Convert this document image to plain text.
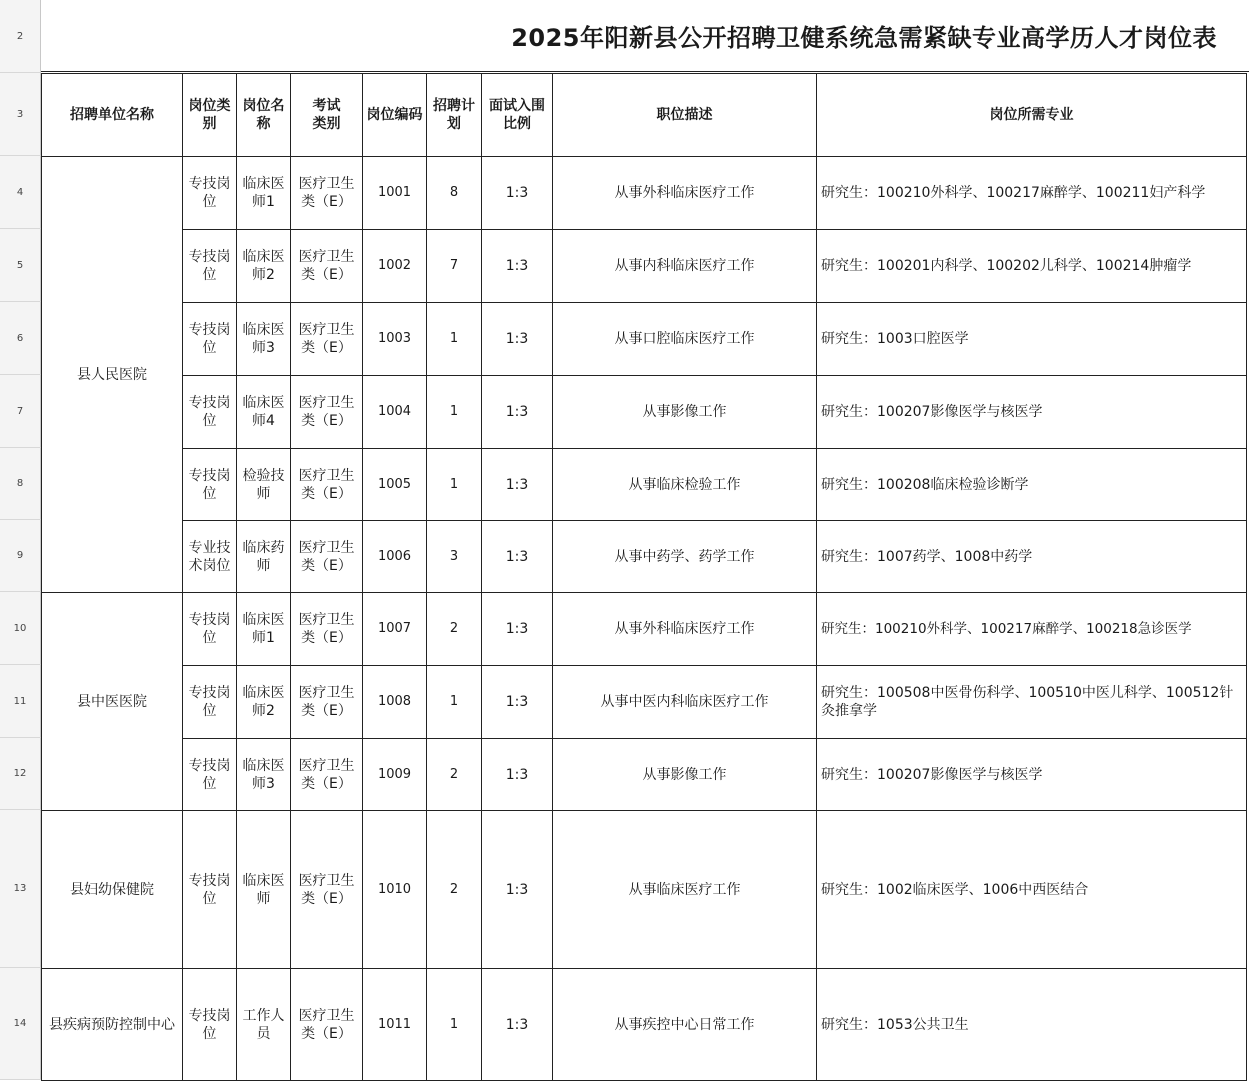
2
3
4
5
6
7
8
9
10
11
12
13
14
2025年阳新县公开招聘卫健系统急需紧缺专业高学历人才岗位表
招聘单位名称	岗位类别	岗位名称	考试类别	岗位编码	招聘计划	面试入围比例	职位描述	岗位所需专业
县人民医院	专技岗位	临床医师1	医疗卫生类（E）	1001	8	1:3	从事外科临床医疗工作	研究生：100210外科学、100217麻醉学、100211妇产科学
	专技岗位	临床医师2	医疗卫生类（E）	1002	7	1:3	从事内科临床医疗工作	研究生：100201内科学、100202儿科学、100214肿瘤学
	专技岗位	临床医师3	医疗卫生类（E）	1003	1	1:3	从事口腔临床医疗工作	研究生：1003口腔医学
	专技岗位	临床医师4	医疗卫生类（E）	1004	1	1:3	从事影像工作	研究生：100207影像医学与核医学
	专技岗位	检验技师	医疗卫生类（E）	1005	1	1:3	从事临床检验工作	研究生：100208临床检验诊断学
	专业技术岗位	临床药师	医疗卫生类（E）	1006	3	1:3	从事中药学、药学工作	研究生：1007药学、1008中药学
县中医医院	专技岗位	临床医师1	医疗卫生类（E）	1007	2	1:3	从事外科临床医疗工作	研究生：100210外科学、100217麻醉学、100218急诊医学
	专技岗位	临床医师2	医疗卫生类（E）	1008	1	1:3	从事中医内科临床医疗工作	研究生：100508中医骨伤科学、100510中医儿科学、100512针灸推拿学
	专技岗位	临床医师3	医疗卫生类（E）	1009	2	1:3	从事影像工作	研究生：100207影像医学与核医学
县妇幼保健院	专技岗位	临床医师	医疗卫生类（E）	1010	2	1:3	从事临床医疗工作	研究生：1002临床医学、1006中西医结合
县疾病预防控制中心	专技岗位	工作人员	医疗卫生类（E）	1011	1	1:3	从事疾控中心日常工作	研究生：1053公共卫生
